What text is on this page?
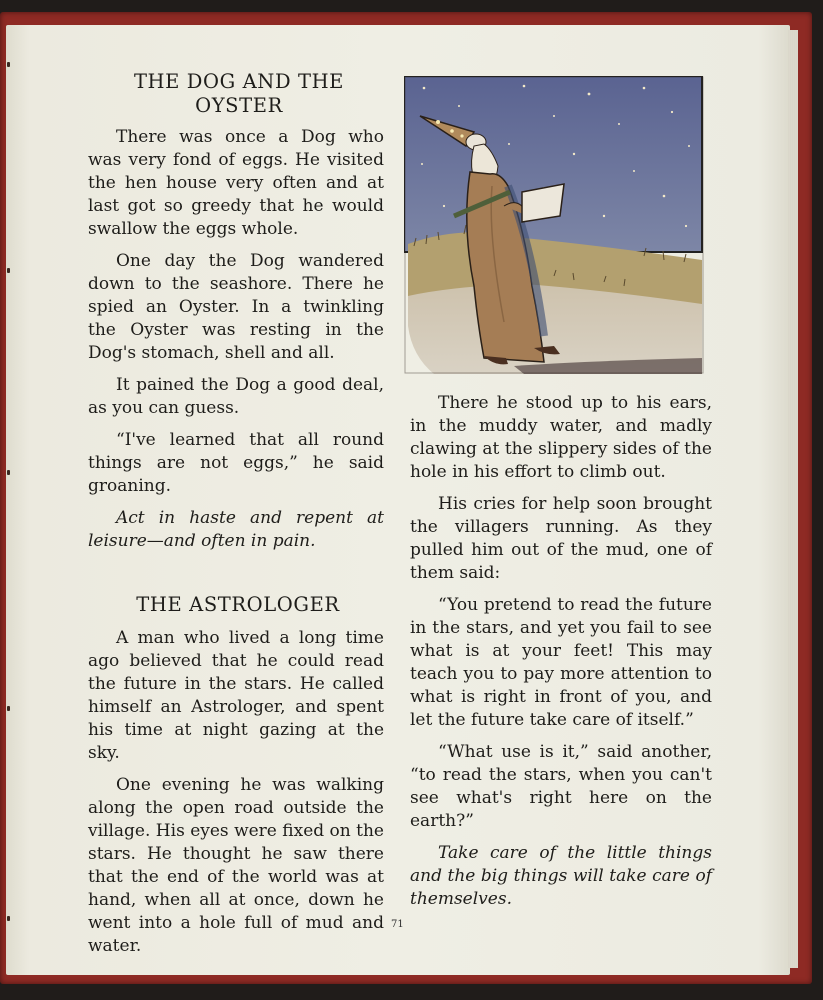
THE DOG AND THE
OYSTER

There was once a Dog who was very fond of eggs. He visited the hen house very often and at last got so greedy that he would swallow the eggs whole.

One day the Dog wandered down to the seashore. There he spied an Oyster. In a twinkling the Oyster was resting in the Dog's stomach, shell and all.

It pained the Dog a good deal, as you can guess.

“I've learned that all round things are not eggs,” he said groaning.

Act in haste and repent at leisure—and often in pain.

THE ASTROLOGER

A man who lived a long time ago believed that he could read the future in the stars. He called himself an Astrologer, and spent his time at night gazing at the sky.

One evening he was walking along the open road outside the village. His eyes were fixed on the stars. He thought he saw there that the end of the world was at hand, when all at once, down he went into a hole full of mud and water.

There he stood up to his ears, in the muddy water, and madly clawing at the slippery sides of the hole in his effort to climb out.

His cries for help soon brought the villagers running. As they pulled him out of the mud, one of them said:

“You pretend to read the future in the stars, and yet you fail to see what is at your feet! This may teach you to pay more attention to what is right in front of you, and let the future take care of itself.”

“What use is it,” said another, “to read the stars, when you can't see what's right here on the earth?”

Take care of the little things and the big things will take care of themselves.

71
